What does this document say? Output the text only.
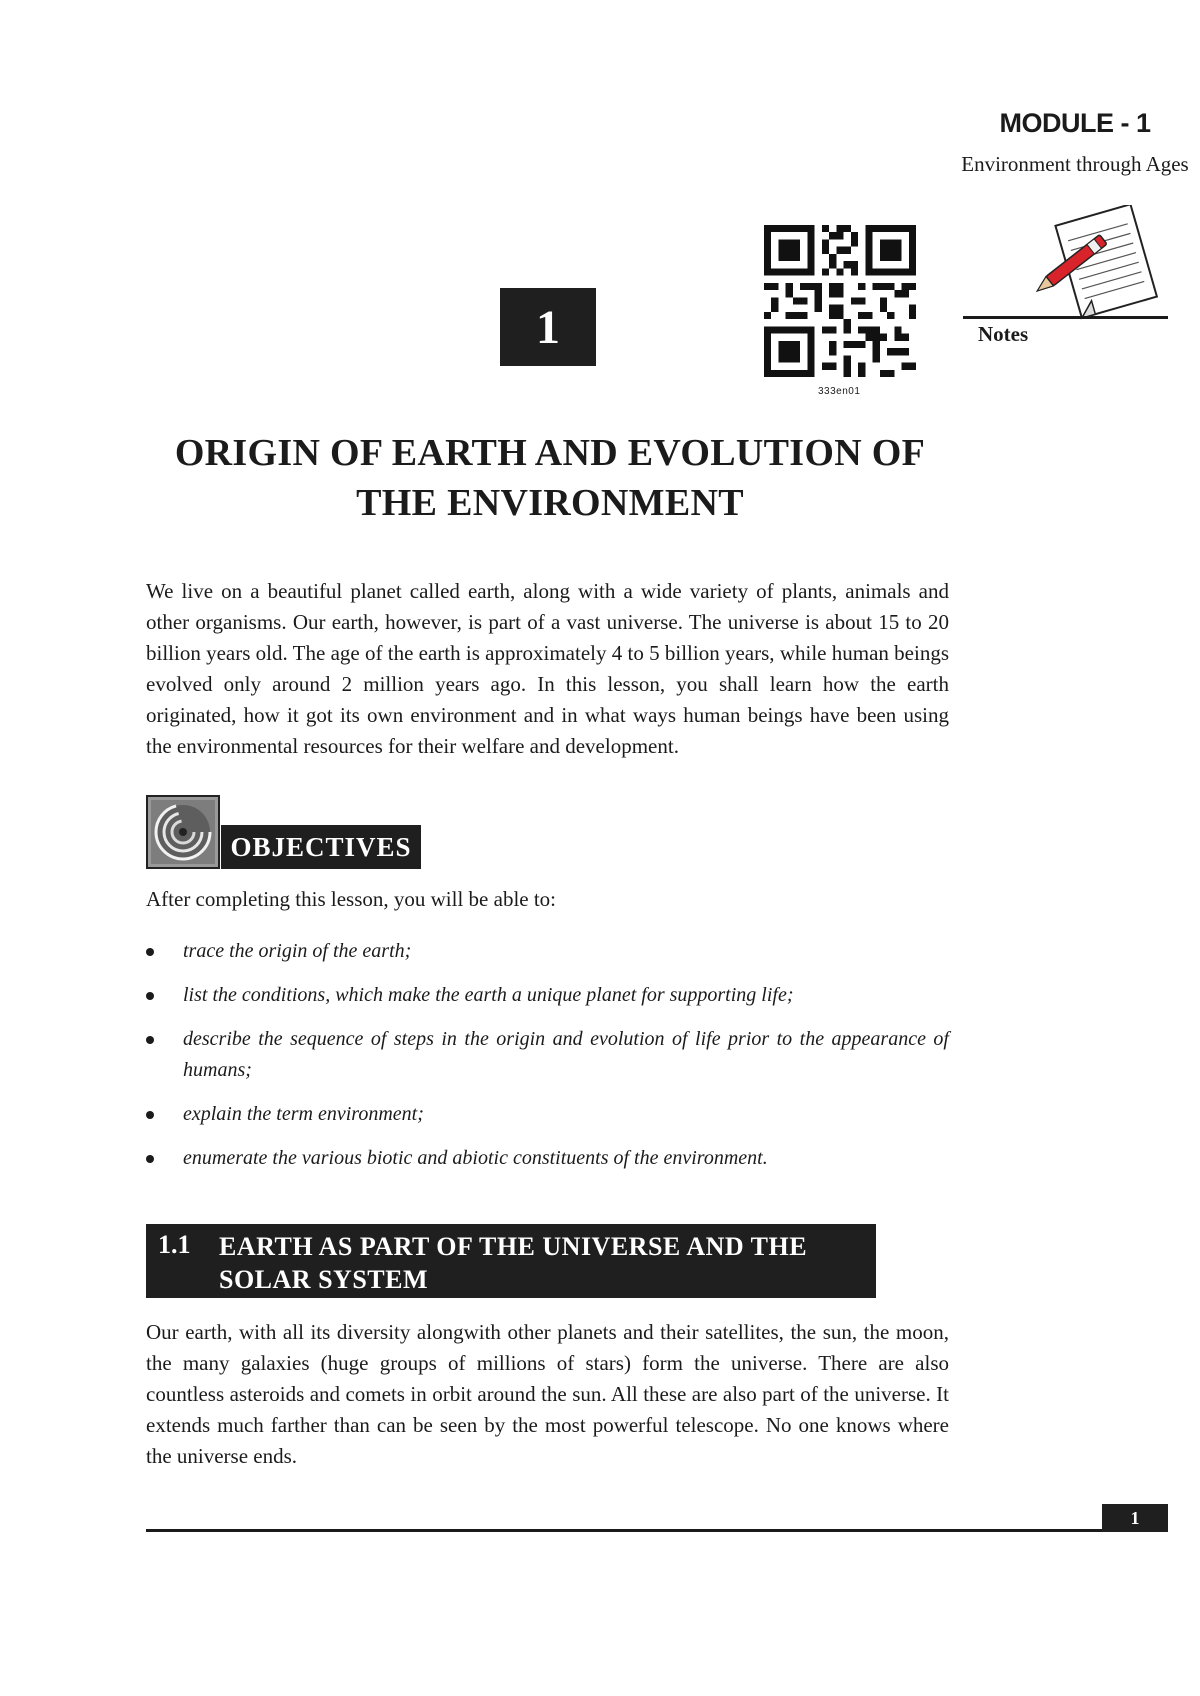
MODULE - 1
Environment through Ages
Notes
1
333en01
ORIGIN OF EARTH AND EVOLUTION OF THE ENVIRONMENT

We live on a beautiful planet called earth, along with a wide variety of plants, animals and other organisms. Our earth, however, is part of a vast universe. The universe is about 15 to 20 billion years old. The age of the earth is approximately 4 to 5 billion years, while human beings evolved only around 2 million years ago. In this lesson, you shall learn how the earth originated, how it got its own environment and in what ways human beings have been using the environmental resources for their welfare and development.

OBJECTIVES
After completing this lesson, you will be able to:
trace the origin of the earth;
list the conditions, which make the earth a unique planet for supporting life;
describe the sequence of steps in the origin and evolution of life prior to the appearance of humans;
explain the term environment;
enumerate the various biotic and abiotic constituents of the environment.
1.1 EARTH AS PART OF THE UNIVERSE AND THE
SOLAR SYSTEM

Our earth, with all its diversity alongwith other planets and their satellites, the sun, the moon, the many galaxies (huge groups of millions of stars) form the universe. There are also countless asteroids and comets in orbit around the sun. All these are also part of the universe. It extends much farther than can be seen by the most powerful telescope. No one knows where the universe ends.

1
